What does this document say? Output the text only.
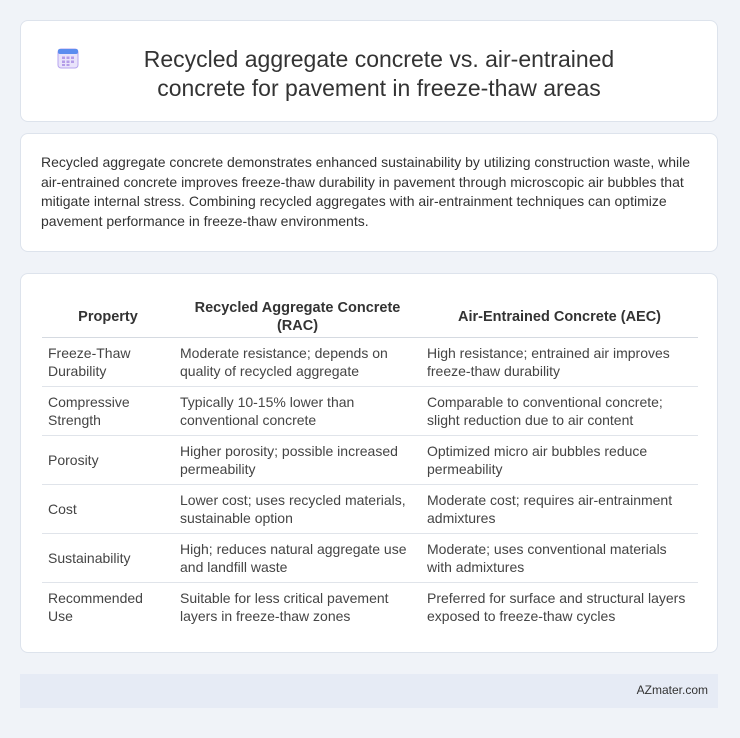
Recycled aggregate concrete vs. air-entrained concrete for pavement in freeze-thaw areas

Recycled aggregate concrete demonstrates enhanced sustainability by utilizing construction waste, while air-entrained concrete improves freeze-thaw durability in pavement through microscopic air bubbles that mitigate internal stress. Combining recycled aggregates with air-entrainment techniques can optimize pavement performance in freeze-thaw environments.

Property	Recycled Aggregate Concrete (RAC)	Air-Entrained Concrete (AEC)
Freeze-Thaw Durability	Moderate resistance; depends on quality of recycled aggregate	High resistance; entrained air improves freeze-thaw durability
Compressive Strength	Typically 10-15% lower than conventional concrete	Comparable to conventional concrete; slight reduction due to air content
Porosity	Higher porosity; possible increased permeability	Optimized micro air bubbles reduce permeability
Cost	Lower cost; uses recycled materials, sustainable option	Moderate cost; requires air-entrainment admixtures
Sustainability	High; reduces natural aggregate use and landfill waste	Moderate; uses conventional materials with admixtures
Recommended Use	Suitable for less critical pavement layers in freeze-thaw zones	Preferred for surface and structural layers exposed to freeze-thaw cycles
AZmater.com
